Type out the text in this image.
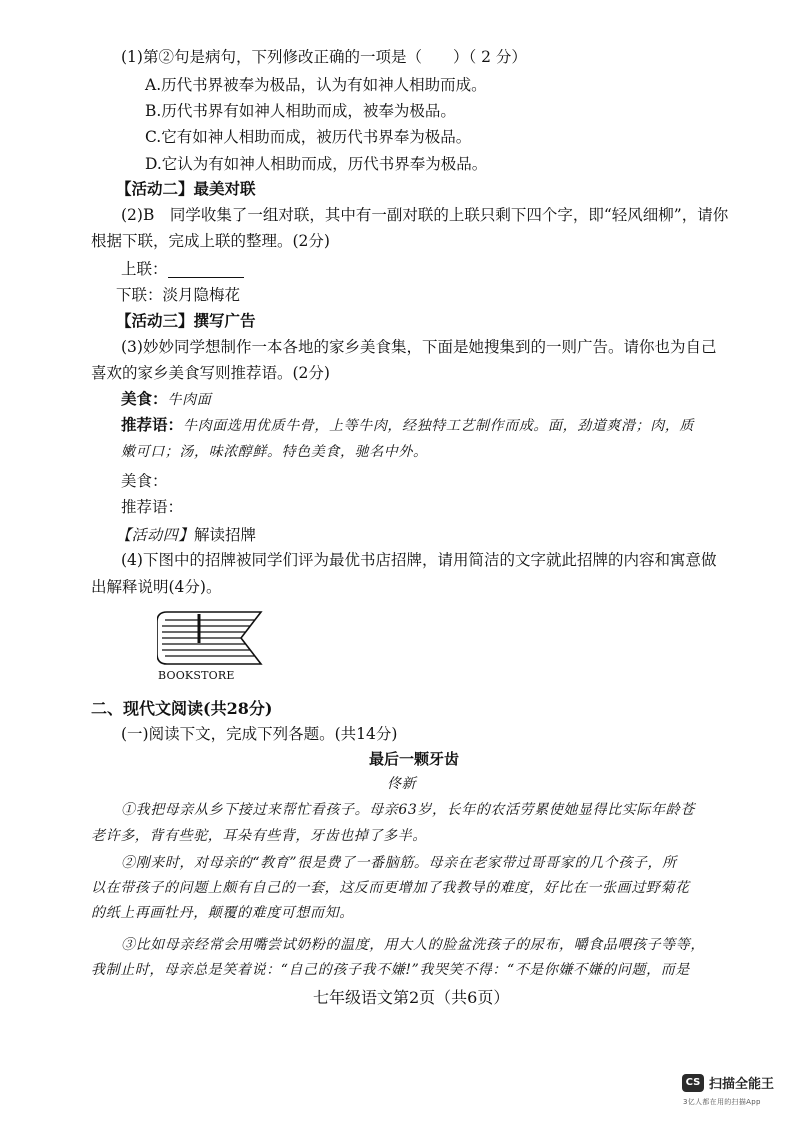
(1)第②句是病句，下列修改正确的一项是（　　）（ 2 分）
A.历代书界被奉为极品，认为有如神人相助而成。
B.历代书界有如神人相助而成，被奉为极品。
C.它有如神人相助而成，被历代书界奉为极品。
D.它认为有如神人相助而成，历代书界奉为极品。
【活动二】最美对联
(2)B　同学收集了一组对联，其中有一副对联的上联只剩下四个字，即“轻风细柳”，请你
根据下联，完成上联的整理。(2分)
上联：
下联：淡月隐梅花
【活动三】撰写广告
(3)妙妙同学想制作一本各地的家乡美食集，下面是她搜集到的一则广告。请你也为自己
喜欢的家乡美食写则推荐语。(2分)
美食：牛肉面
推荐语：牛肉面选用优质牛骨，上等牛肉，经独特工艺制作而成。面，劲道爽滑；肉，质
嫩可口；汤，味浓醇鲜。特色美食，驰名中外。
美食：
推荐语：
【活动四】解读招牌
(4)下图中的招牌被同学们评为最优书店招牌，请用简洁的文字就此招牌的内容和寓意做
出解释说明(4分)。
BOOKSTORE
二、现代文阅读(共28分)
(一)阅读下文，完成下列各题。(共14分)
最后一颗牙齿
佟新
①我把母亲从乡下接过来帮忙看孩子。母亲63岁，长年的农活劳累使她显得比实际年龄苍
老许多，背有些驼，耳朵有些背，牙齿也掉了多半。
②刚来时，对母亲的“教育”很是费了一番脑筋。母亲在老家带过哥哥家的几个孩子，所
以在带孩子的问题上颇有自己的一套，这反而更增加了我教导的难度，好比在一张画过野菊花
的纸上再画牡丹，颠覆的难度可想而知。
③比如母亲经常会用嘴尝试奶粉的温度，用大人的脸盆洗孩子的尿布，嚼食品喂孩子等等，
我制止时，母亲总是笑着说：“自己的孩子我不嫌!”我哭笑不得：“不是你嫌不嫌的问题，而是
七年级语文第2页（共6页）
CS 扫描全能王
3亿人都在用的扫描App
